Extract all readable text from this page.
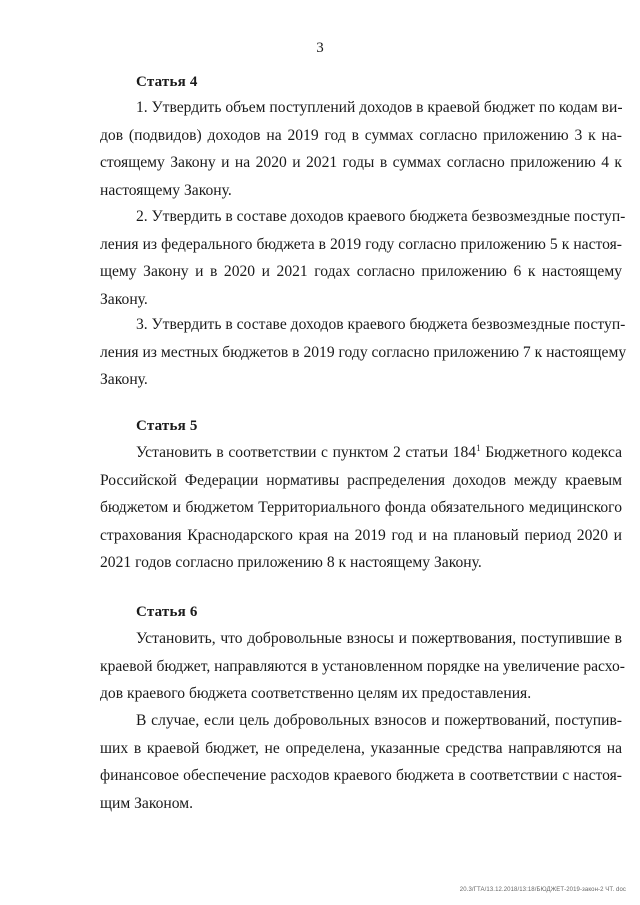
3
Статья 4
1. Утвердить объем поступлений доходов в краевой бюджет по кодам ви-
дов (подвидов) доходов на 2019 год в суммах согласно приложению 3 к на-
стоящему Закону и на 2020 и 2021 годы в суммах согласно приложению 4 к
настоящему Закону.
2. Утвердить в составе доходов краевого бюджета безвозмездные поступ-
ления из федерального бюджета в 2019 году согласно приложению 5 к настоя-
щему Закону и в 2020 и 2021 годах согласно приложению 6 к настоящему
Закону.
3. Утвердить в составе доходов краевого бюджета безвозмездные поступ-
ления из местных бюджетов в 2019 году согласно приложению 7 к настоящему
Закону.
Статья 5
Установить в соответствии с пунктом 2 статьи $184^1$ Бюджетного кодекса
Российской Федерации нормативы распределения доходов между краевым
бюджетом и бюджетом Территориального фонда обязательного медицинского
страхования Краснодарского края на 2019 год и на плановый период 2020 и
2021 годов согласно приложению 8 к настоящему Закону.
Статья 6
Установить, что добровольные взносы и пожертвования, поступившие в
краевой бюджет, направляются в установленном порядке на увеличение расхо-
дов краевого бюджета соответственно целям их предоставления.
В случае, если цель добровольных взносов и пожертвований, поступив-
ших в краевой бюджет, не определена, указанные средства направляются на
финансовое обеспечение расходов краевого бюджета в соответствии с настоя-
щим Законом.
20.3/ГТА/13.12.2018/13:18/БЮДЖЕТ-2019-закон-2 ЧТ. doc
